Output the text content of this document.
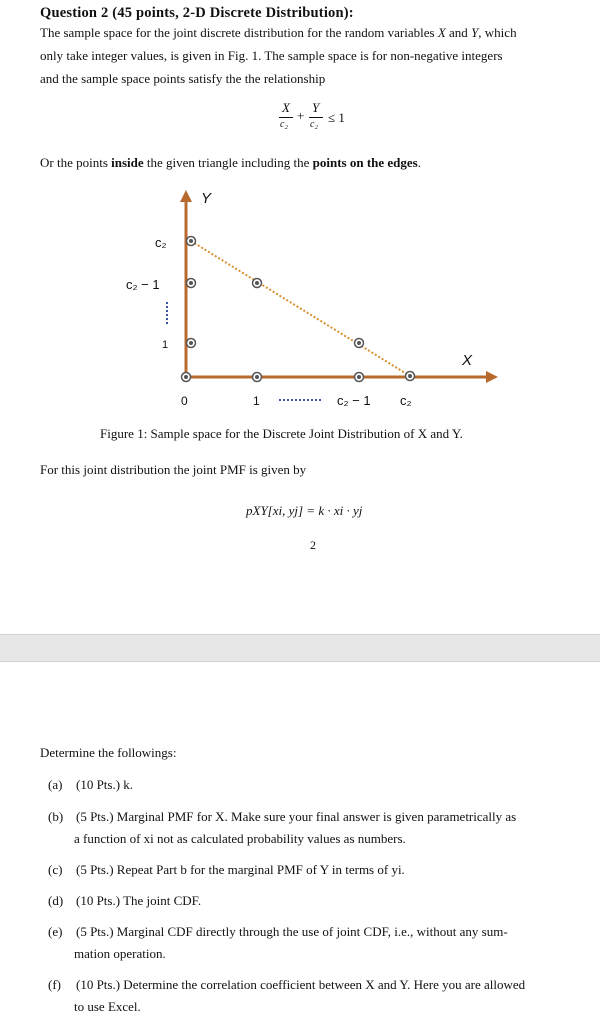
Question 2 (45 points, 2-D Discrete Distribution):
The sample space for the joint discrete distribution for the random variables X and Y, which
only take integer values, is given in Fig. 1. The sample space is for non-negative integers
and the sample space points satisfy the the relationship
X
c₂
+
Y
c₂ ≤ 1
Or the points inside the given triangle including the points on the edges.
Y
X
c₂
c₂ − 1
1
0	1	c₂ − 1 c₂
Figure 1: Sample space for the Discrete Joint Distribution of X and Y.
For this joint distribution the joint PMF is given by
pXY[xi, yj] = k · xi · yj
2
Determine the followings:
(a) (10 Pts.) k.
(b) (5 Pts.) Marginal PMF for X. Make sure your final answer is given parametrically as
a function of xi not as calculated probability values as numbers.
(c) (5 Pts.) Repeat Part b for the marginal PMF of Y in terms of yi.
(d) (10 Pts.) The joint CDF.
(e) (5 Pts.) Marginal CDF directly through the use of joint CDF, i.e., without any sum-
mation operation.
(f) (10 Pts.) Determine the correlation coefficient between X and Y. Here you are allowed
to use Excel.
